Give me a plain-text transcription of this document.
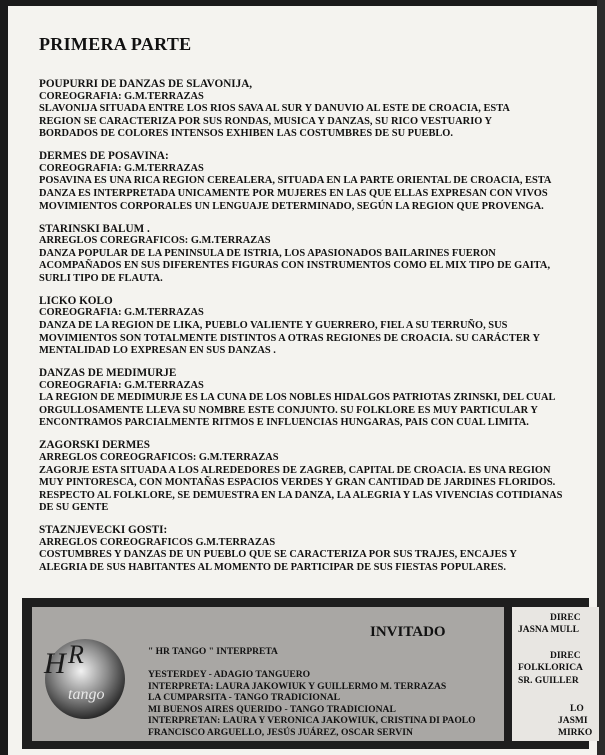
PRIMERA PARTE

POUPURRI DE DANZAS DE SLAVONIJA,

COREOGRAFIA: G.M.TERRAZAS

SLAVONIJA SITUADA ENTRE LOS RIOS SAVA AL SUR Y DANUVIO AL ESTE DE CROACIA, ESTA

REGION SE CARACTERIZA POR SUS RONDAS, MUSICA Y DANZAS, SU RICO VESTUARIO Y

BORDADOS DE COLORES INTENSOS EXHIBEN LAS COSTUMBRES DE SU PUEBLO.

DERMES DE POSAVINA:

COREOGRAFIA: G.M.TERRAZAS

POSAVINA ES UNA RICA REGION CEREALERA, SITUADA EN LA PARTE ORIENTAL DE CROACIA, ESTA

DANZA ES INTERPRETADA UNICAMENTE POR MUJERES EN LAS QUE ELLAS EXPRESAN CON VIVOS

MOVIMIENTOS CORPORALES UN LENGUAJE DETERMINADO, SEGÚN LA REGION QUE PROVENGA.

STARINSKI BALUM .

ARREGLOS COREGRAFICOS: G.M.TERRAZAS

DANZA POPULAR DE LA PENINSULA DE ISTRIA, LOS APASIONADOS BAILARINES FUERON

ACOMPAÑADOS EN SUS DIFERENTES FIGURAS CON INSTRUMENTOS COMO EL MIX TIPO DE GAITA,

SURLI TIPO DE FLAUTA.

LICKO KOLO

COREOGRAFIA: G.M.TERRAZAS

DANZA DE LA REGION DE LIKA, PUEBLO VALIENTE Y GUERRERO, FIEL A SU TERRUÑO, SUS

MOVIMIENTOS SON TOTALMENTE DISTINTOS A OTRAS REGIONES DE CROACIA. SU CARÁCTER Y

MENTALIDAD LO EXPRESAN EN SUS DANZAS .

DANZAS DE MEDIMURJE

COREOGRAFIA: G.M.TERRAZAS

LA REGION DE MEDIMURJE ES LA CUNA DE LOS NOBLES HIDALGOS PATRIOTAS ZRINSKI, DEL CUAL

ORGULLOSAMENTE LLEVA SU NOMBRE ESTE CONJUNTO. SU FOLKLORE ES MUY PARTICULAR Y

ENCONTRAMOS PARCIALMENTE RITMOS E INFLUENCIAS HUNGARAS, PAIS CON CUAL LIMITA.

ZAGORSKI DERMES

ARREGLOS COREOGRAFICOS: G.M.TERRAZAS

ZAGORJE ESTA SITUADA A LOS ALREDEDORES DE ZAGREB, CAPITAL DE CROACIA. ES UNA REGION

MUY PINTORESCA, CON MONTAÑAS ESPACIOS VERDES Y GRAN CANTIDAD DE JARDINES FLORIDOS.

RESPECTO AL FOLKLORE, SE DEMUESTRA EN LA DANZA, LA ALEGRIA Y LAS VIVENCIAS COTIDIANAS

DE SU GENTE

STAZNJEVECKI GOSTI:

ARREGLOS COREOGRAFICOS G.M.TERRAZAS

COSTUMBRES Y DANZAS DE UN PUEBLO QUE SE CARACTERIZA POR SUS TRAJES, ENCAJES Y

ALEGRIA DE SUS HABITANTES AL MOMENTO DE PARTICIPAR DE SUS FIESTAS POPULARES.

H R
tango
INVITADO
" HR TANGO " INTERPRETA

YESTERDEY - ADAGIO TANGUERO

INTERPRETA: LAURA JAKOWIUK Y GUILLERMO M. TERRAZAS

LA CUMPARSITA - TANGO TRADICIONAL

MI BUENOS AIRES QUERIDO - TANGO TRADICIONAL

INTERPRETAN: LAURA Y VERONICA JAKOWIUK, CRISTINA DI PAOLO

FRANCISCO ARGUELLO, JESÚS JUÁREZ, OSCAR SERVIN

DIREC

JASNA MULL

DIREC

FOLKLORICA

SR. GUILLER

LO

JASMI

MIRKO
